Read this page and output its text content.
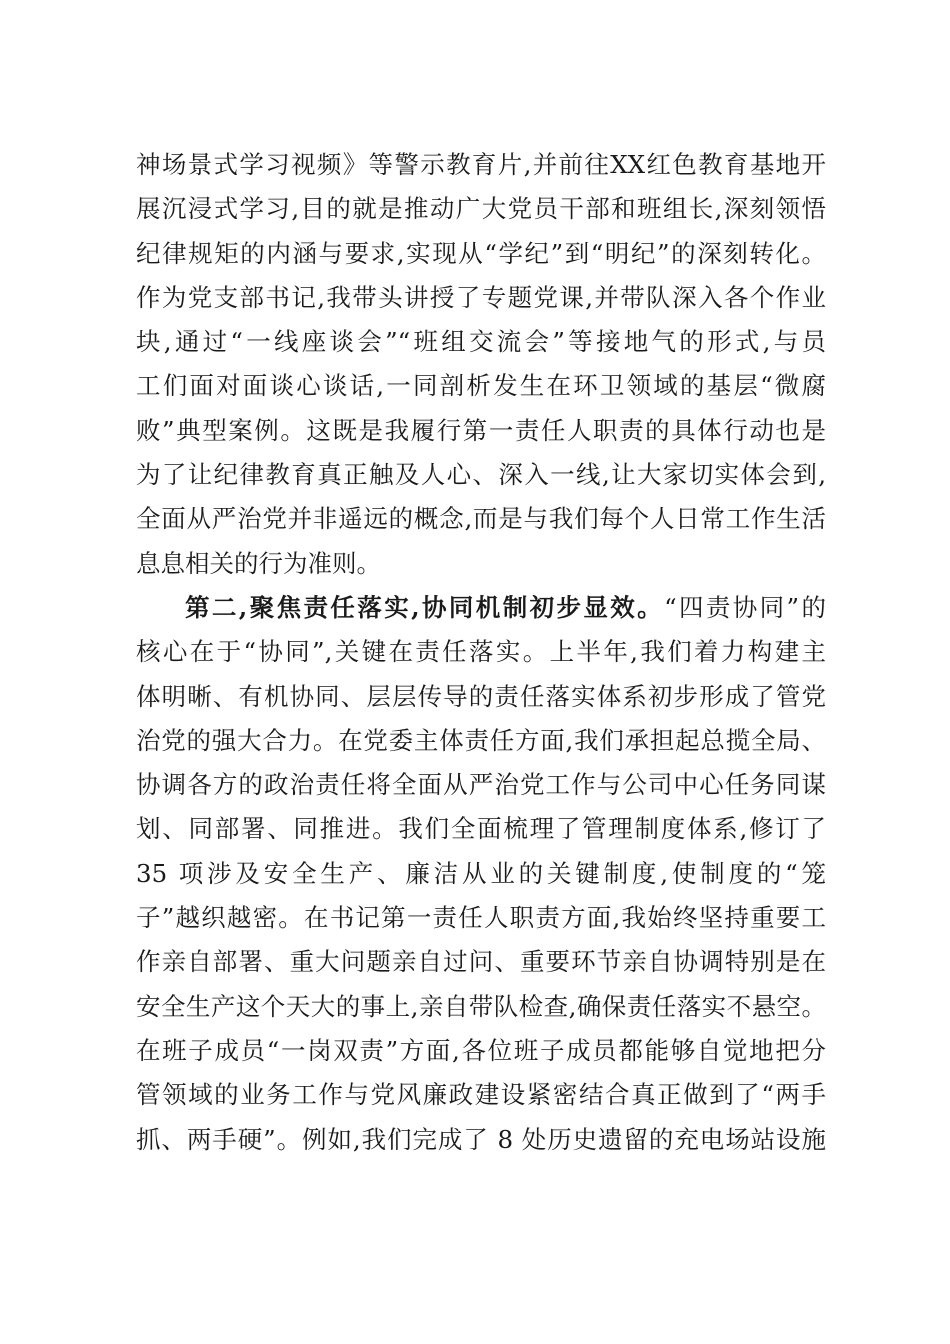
神场景式学习视频》等警示教育片,并前往XX红色教育基地开
展沉浸式学习,目的就是推动广大党员干部和班组长,深刻领悟
纪律规矩的内涵与要求,实现从“学纪”到“明纪”的深刻转化。
作为党支部书记,我带头讲授了专题党课,并带队深入各个作业
块,通过“一线座谈会”“班组交流会”等接地气的形式,与员
工们面对面谈心谈话,一同剖析发生在环卫领域的基层“微腐
败”典型案例。这既是我履行第一责任人职责的具体行动也是
为了让纪律教育真正触及人心、深入一线,让大家切实体会到,
全面从严治党并非遥远的概念,而是与我们每个人日常工作生活
息息相关的行为准则。
第二,聚焦责任落实,协同机制初步显效。“四责协同”的
核心在于“协同”,关键在责任落实。上半年,我们着力构建主
体明晰、有机协同、层层传导的责任落实体系初步形成了管党
治党的强大合力。在党委主体责任方面,我们承担起总揽全局、
协调各方的政治责任将全面从严治党工作与公司中心任务同谋
划、同部署、同推进。我们全面梳理了管理制度体系,修订了
35 项涉及安全生产、廉洁从业的关键制度,使制度的“笼
子”越织越密。在书记第一责任人职责方面,我始终坚持重要工
作亲自部署、重大问题亲自过问、重要环节亲自协调特别是在
安全生产这个天大的事上,亲自带队检查,确保责任落实不悬空。
在班子成员“一岗双责”方面,各位班子成员都能够自觉地把分
管领域的业务工作与党风廉政建设紧密结合真正做到了“两手
抓、两手硬”。例如,我们完成了 8 处历史遗留的充电场站设施
